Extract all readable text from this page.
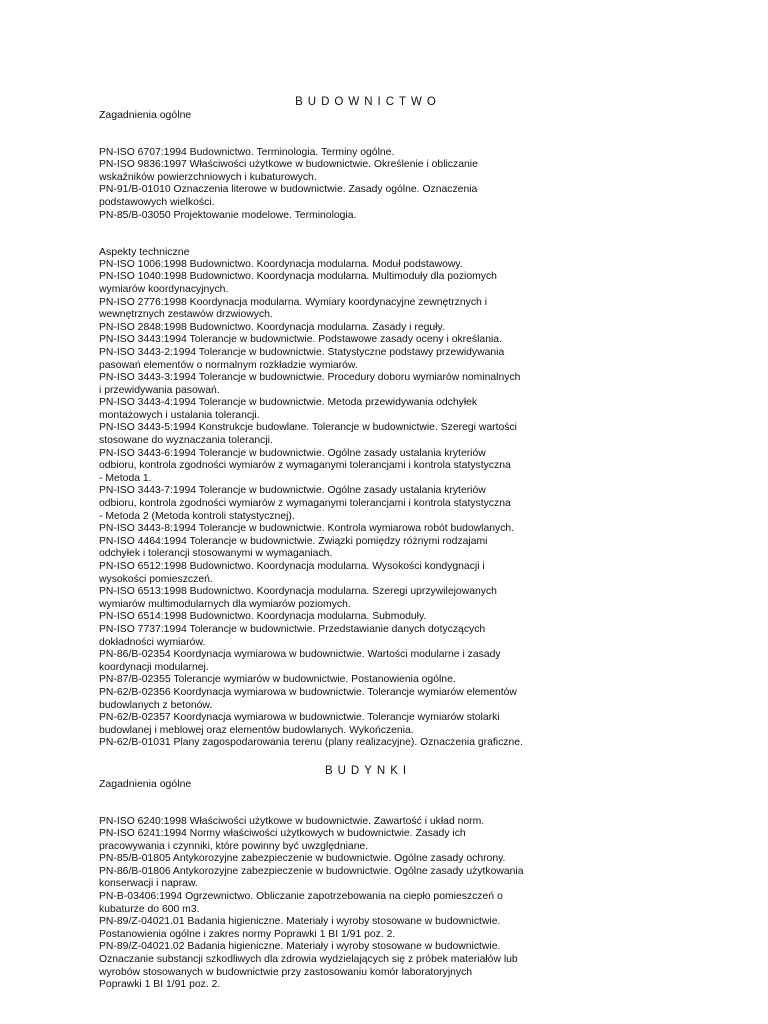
BUDOWNICTWO
Zagadnienia ogólne
PN-ISO 6707:1994 Budownictwo. Terminologia. Terminy ogólne.
PN-ISO 9836:1997 Właściwości użytkowe w budownictwie. Określenie i obliczanie
wskaźników powierzchniowych i kubaturowych.
PN-91/B-01010 Oznaczenia literowe w budownictwie. Zasady ogólne. Oznaczenia
podstawowych wielkości.
PN-85/B-03050 Projektowanie modelowe. Terminologia.
Aspekty techniczne
PN-ISO 1006:1998 Budownictwo. Koordynacja modularna. Moduł podstawowy.
PN-ISO 1040:1998 Budownictwo. Koordynacja modularna. Multimoduły dla poziomych
wymiarów koordynacyjnych.
PN-ISO 2776:1998 Koordynacja modularna. Wymiary koordynacyjne zewnętrznych i
wewnętrznych zestawów drzwiowych.
PN-ISO 2848:1998 Budownictwo. Koordynacja modularna. Zasady i reguły.
PN-ISO 3443:1994 Tolerancje w budownictwie. Podstawowe zasady oceny i określania.
PN-ISO 3443-2:1994 Tolerancje w budownictwie. Statystyczne podstawy przewidywania
pasowań elementów o normalnym rozkładzie wymiarów.
PN-ISO 3443-3:1994 Tolerancje w budownictwie. Procedury doboru wymiarów nominalnych
i przewidywania pasowań.
PN-ISO 3443-4:1994 Tolerancje w budownictwie. Metoda przewidywania odchyłek
montażowych i ustalania tolerancji.
PN-ISO 3443-5:1994 Konstrukcje budowlane. Tolerancje w budownictwie. Szeregi wartości
stosowane do wyznaczania tolerancji.
PN-ISO 3443-6:1994 Tolerancje w budownictwie. Ogólne zasady ustalania kryteriów
odbioru, kontrola zgodności wymiarów z wymaganymi tolerancjami i kontrola statystyczna
- Metoda 1.
PN-ISO 3443-7:1994 Tolerancje w budownictwie. Ogólne zasady ustalania kryteriów
odbioru, kontrola zgodności wymiarów z wymaganymi tolerancjami i kontrola statystyczna
- Metoda 2 (Metoda kontroli statystycznej).
PN-ISO 3443-8:1994 Tolerancje w budownictwie. Kontrola wymiarowa robót budowlanych.
PN-ISO 4464:1994 Tolerancje w budownictwie. Związki pomiędzy różnymi rodzajami
odchyłek i tolerancji stosowanymi w wymaganiach.
PN-ISO 6512:1998 Budownictwo. Koordynacja modularna. Wysokości kondygnacji i
wysokości pomieszczeń.
PN-ISO 6513:1998 Budownictwo. Koordynacja modularna. Szeregi uprzywilejowanych
wymiarów multimodularnych dla wymiarów poziomych.
PN-ISO 6514:1998 Budownictwo. Koordynacja modularna. Submoduły.
PN-ISO 7737:1994 Tolerancje w budownictwie. Przedstawianie danych dotyczących
dokładności wymiarów.
PN-86/B-02354 Koordynacja wymiarowa w budownictwie. Wartości modularne i zasady
koordynacji modularnej.
PN-87/B-02355 Tolerancje wymiarów w budownictwie. Postanowienia ogólne.
PN-62/B-02356 Koordynacja wymiarowa w budownictwie. Tolerancje wymiarów elementów
budowlanych z betonów.
PN-62/B-02357 Koordynacja wymiarowa w budownictwie. Tolerancje wymiarów stolarki
budowlanej i meblowej oraz elementów budowlanych. Wykończenia.
PN-62/B-01031 Plany zagospodarowania terenu (plany realizacyjne). Oznaczenia graficzne.
BUDYNKI
Zagadnienia ogólne
PN-ISO 6240:1998 Właściwości użytkowe w budownictwie. Zawartość i układ norm.
PN-ISO 6241:1994 Normy właściwości użytkowych w budownictwie. Zasady ich
pracowywania i czynniki, które powinny być uwzględniane.
PN-85/B-01805 Antykorozyjne zabezpieczenie w budownictwie. Ogólne zasady ochrony.
PN-86/B-01806 Antykorozyjne zabezpieczenie w budownictwie. Ogólne zasady użytkowania
konserwacji i napraw.
PN-B-03406:1994 Ogrzewnictwo. Obliczanie zapotrzebowania na ciepło pomieszczeń o
kubaturze do 600 m3.
PN-89/Z-04021.01 Badania higieniczne. Materiały i wyroby stosowane w budownictwie.
Postanowienia ogólne i zakres normy Poprawki 1 BI 1/91 poz. 2.
PN-89/Z-04021.02 Badania higieniczne. Materiały i wyroby stosowane w budownictwie.
Oznaczanie substancji szkodliwych dla zdrowia wydzielających się z próbek materiałów lub
wyrobów stosowanych w budownictwie przy zastosowaniu komór laboratoryjnych
Poprawki 1 BI 1/91 poz. 2.
